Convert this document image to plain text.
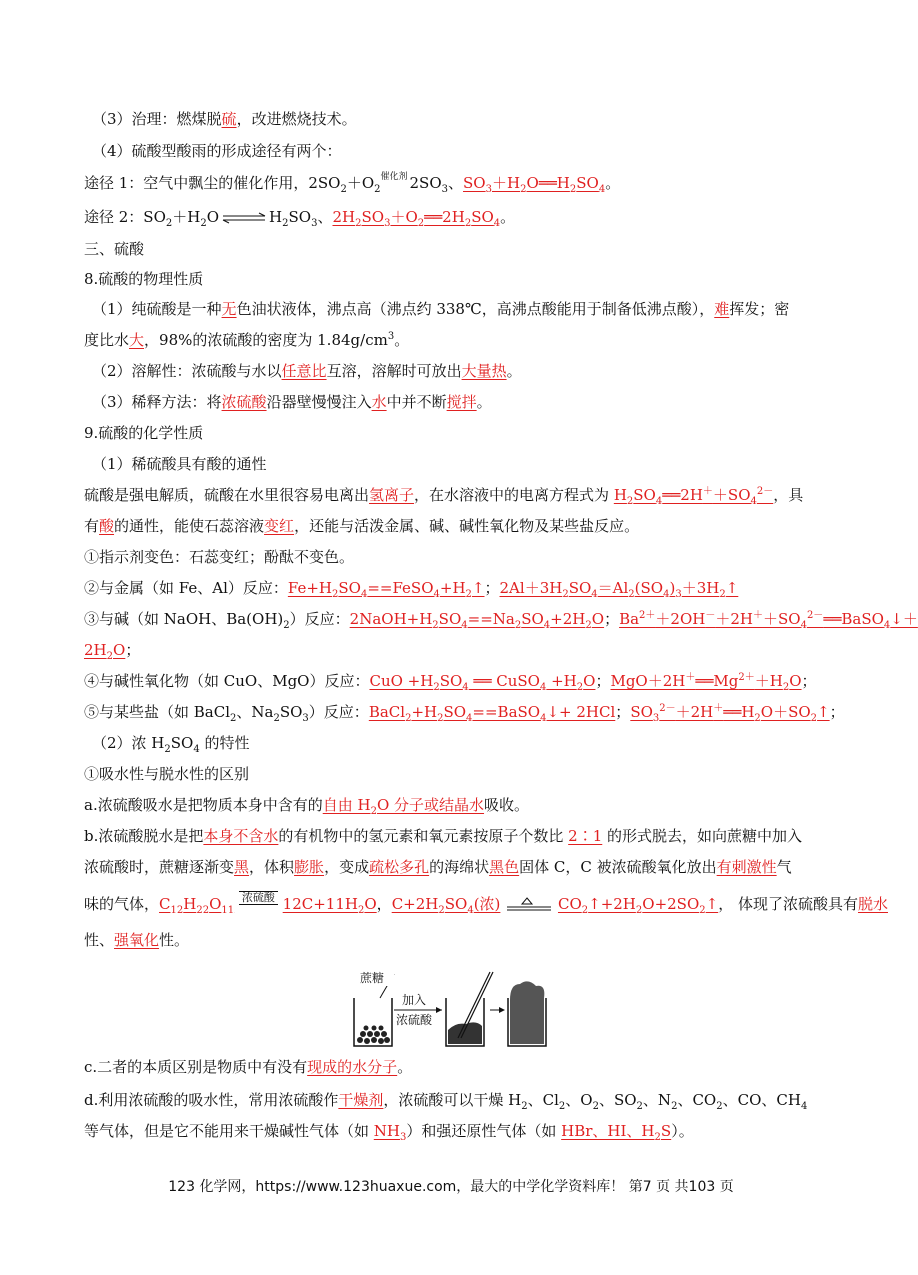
（3）治理：燃煤脱硫，改进燃烧技术。
（4）硫酸型酸雨的形成途径有两个：
途径 1：空气中飘尘的催化作用，$2SO_2+O_2^{催化剂}$ $2SO_3$、$SO_3+H_2O══H_2SO_4$。
途径 2：$SO_2+H_2O$ ⇌ $H_2SO_3$、$2H_2SO_3+O_2══2H_2SO_4$。
三、硫酸
8.硫酸的物理性质
（1）纯硫酸是一种无色油状液体，沸点高（沸点约 338℃，高沸点酸能用于制备低沸点酸），难挥发；密
度比水大，98%的浓硫酸的密度为 $1.84g/cm^3$。
（2）溶解性：浓硫酸与水以任意比互溶，溶解时可放出大量热。
（3）稀释方法：将浓硫酸沿器壁慢慢注入水中并不断搅拌。
9.硫酸的化学性质
（1）稀硫酸具有酸的通性
硫酸是强电解质，硫酸在水里很容易电离出氢离子，在水溶液中的电离方程式为 $H_2SO_4══2H^++SO_4^{2-}$，具
有酸的通性，能使石蕊溶液变红，还能与活泼金属、碱、碱性氧化物及某些盐反应。
①指示剂变色：石蕊变红；酚酞不变色。
②与金属（如 Fe、Al）反应：$Fe+H_2SO_4==FeSO_4+H_2↑$；$2Al+3H_2SO_4=Al_2(SO_4)_3+3H_2↑$
③与碱（如 NaOH、$Ba(OH)_2$）反应：$2NaOH+H_2SO_4==Na_2SO_4+2H_2O$；$Ba^{2+}+2OH^-+2H^++SO_4^{2-}══BaSO_4↓+$
$2H_2O$；
④与碱性氧化物（如 CuO、MgO）反应：CuO $+H_2SO_4$ ══ CuSO$_4$ $+H_2O$；$MgO+2H^+══Mg^{2+}+H_2O$；
⑤与某些盐（如 BaCl$_2$、$Na_2SO_3$）反应：$BaCl_2+H_2SO_4==BaSO_4↓+ 2HCl$；$SO_3^{2-}+2H^+══H_2O+SO_2↑$；
（2）浓 $H_2SO_4$ 的特性
①吸水性与脱水性的区别
a.浓硫酸吸水是把物质本身中含有的自由 $H_2O$ 分子或结晶水吸收。
b.浓硫酸脱水是把本身不含水的有机物中的氢元素和氧元素按原子个数比 2∶1 的形式脱去，如向蔗糖中加入
浓硫酸时，蔗糖逐渐变黑，体积膨胀，变成疏松多孔的海绵状黑色固体 C，C 被浓硫酸氧化放出有刺激性气
味的气体，$C_{12}H_{22}O_{11}$ 浓硫酸 $12C+11H_2O$，$C+2H_2SO_4$(浓)	$CO_2↑+2H_2O+2SO_2↑$， 体现了浓硫酸具有脱水
性、强氧化性。
蔗糖
加入
浓硫酸
c.二者的本质区别是物质中有没有现成的水分子。
d.利用浓硫酸的吸水性，常用浓硫酸作干燥剂，浓硫酸可以干燥 $H_2$、$Cl_2$、$O_2$、$SO_2$、$N_2$、$CO_2$、CO、$CH_4$
等气体，但是它不能用来干燥碱性气体（如 $NH_3$）和强还原性气体（如 HBr、HI、$H_2S$）。
123 化学网，https://www.123huaxue.com，最大的中学化学资料库！ 第7 页 共103 页
